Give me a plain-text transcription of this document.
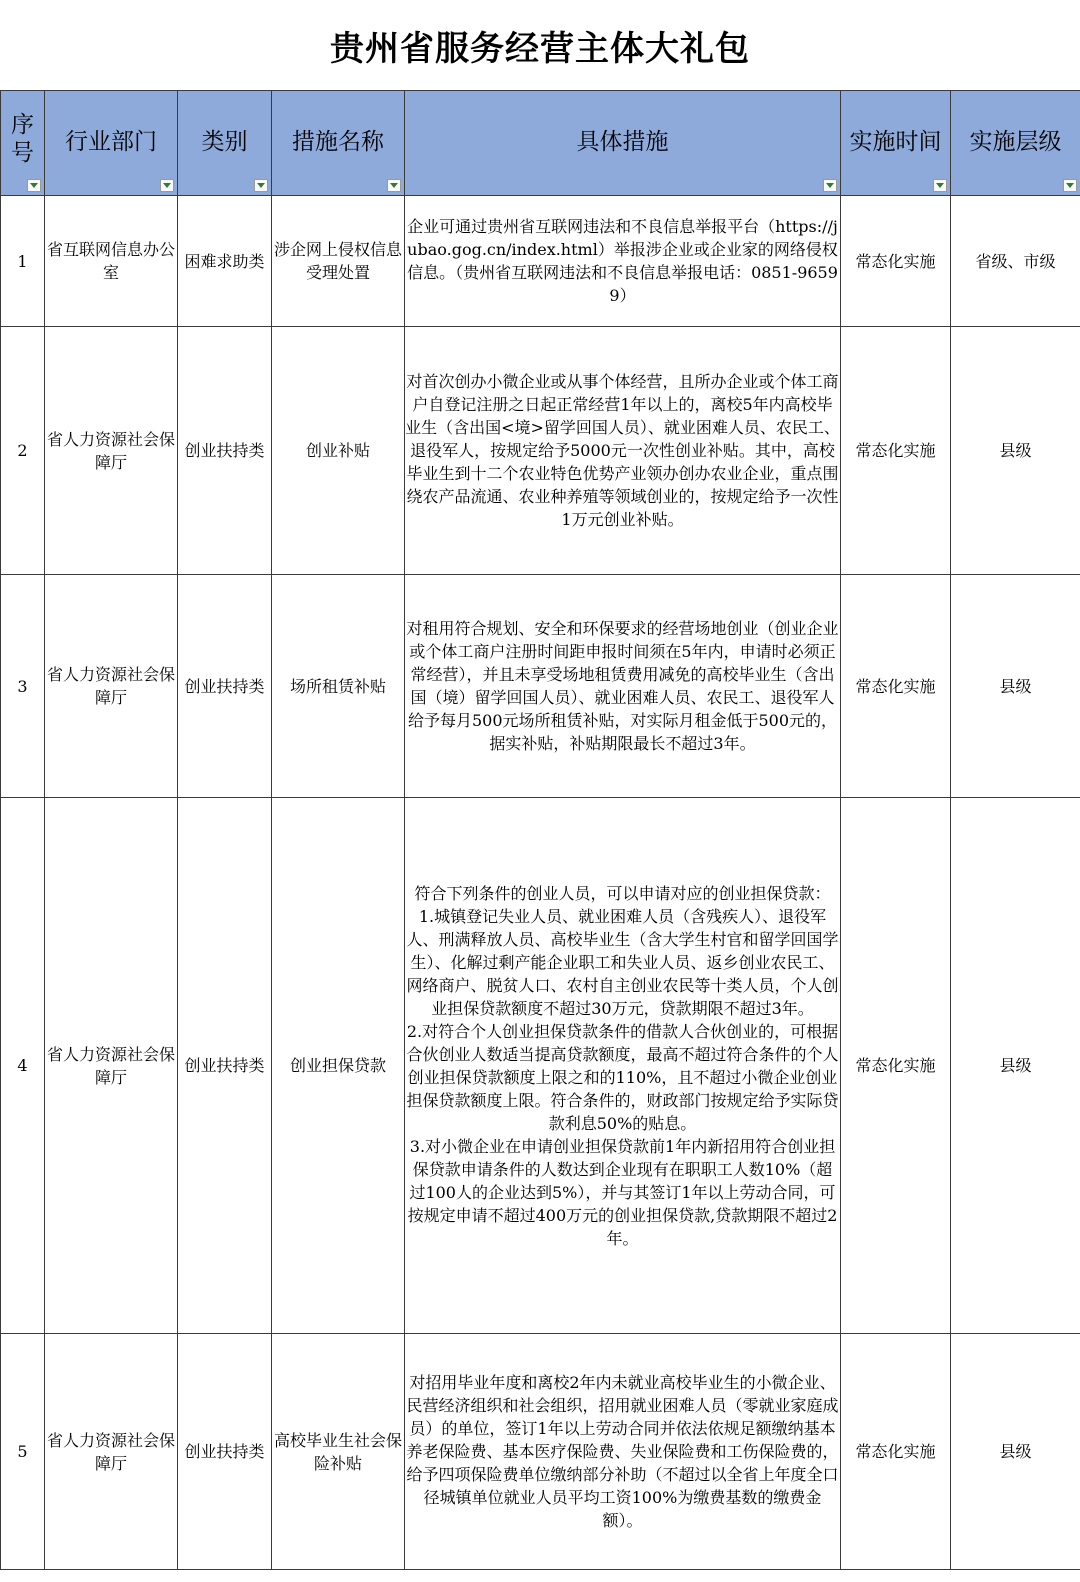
贵州省服务经营主体大礼包
序号	行业部门	类别	措施名称	具体措施	实施时间	实施层级

1	省互联网信息办公室	困难求助类	涉企网上侵权信息受理处置	企业可通过贵州省互联网违法和不良信息举报平台（https://jubao.gog.cn/index.html）举报涉企业或企业家的网络侵权信息。（贵州省互联网违法和不良信息举报电话：0851-96599）	常态化实施	省级、市级
2	省人力资源社会保障厅	创业扶持类	创业补贴	对首次创办小微企业或从事个体经营，且所办企业或个体工商户自登记注册之日起正常经营1年以上的，离校5年内高校毕业生（含出国<境>留学回国人员）、就业困难人员、农民工、退役军人，按规定给予5000元一次性创业补贴。其中，高校毕业生到十二个农业特色优势产业领办创办农业企业，重点围绕农产品流通、农业种养殖等领域创业的，按规定给予一次性1万元创业补贴。	常态化实施	县级
3	省人力资源社会保障厅	创业扶持类	场所租赁补贴	对租用符合规划、安全和环保要求的经营场地创业（创业企业或个体工商户注册时间距申报时间须在5年内，申请时必须正常经营），并且未享受场地租赁费用减免的高校毕业生（含出国（境）留学回国人员）、就业困难人员、农民工、退役军人给予每月500元场所租赁补贴，对实际月租金低于500元的，据实补贴，补贴期限最长不超过3年。	常态化实施	县级
4	省人力资源社会保障厅	创业扶持类	创业担保贷款	符合下列条件的创业人员，可以申请对应的创业担保贷款：
1.城镇登记失业人员、就业困难人员（含残疾人）、退役军人、刑满释放人员、高校毕业生（含大学生村官和留学回国学生）、化解过剩产能企业职工和失业人员、返乡创业农民工、网络商户、脱贫人口、农村自主创业农民等十类人员，个人创业担保贷款额度不超过30万元，贷款期限不超过3年。
2.对符合个人创业担保贷款条件的借款人合伙创业的，可根据合伙创业人数适当提高贷款额度，最高不超过符合条件的个人创业担保贷款额度上限之和的110%，且不超过小微企业创业担保贷款额度上限。符合条件的，财政部门按规定给予实际贷款利息50%的贴息。
3.对小微企业在申请创业担保贷款前1年内新招用符合创业担保贷款申请条件的人数达到企业现有在职职工人数10%（超过100人的企业达到5%），并与其签订1年以上劳动合同，可按规定申请不超过400万元的创业担保贷款,贷款期限不超过2年。	常态化实施	县级
5	省人力资源社会保障厅	创业扶持类	高校毕业生社会保险补贴	对招用毕业年度和离校2年内未就业高校毕业生的小微企业、民营经济组织和社会组织，招用就业困难人员（零就业家庭成员）的单位，签订1年以上劳动合同并依法依规足额缴纳基本养老保险费、基本医疗保险费、失业保险费和工伤保险费的，给予四项保险费单位缴纳部分补助（不超过以全省上年度全口径城镇单位就业人员平均工资100%为缴费基数的缴费金额）。	常态化实施	县级
